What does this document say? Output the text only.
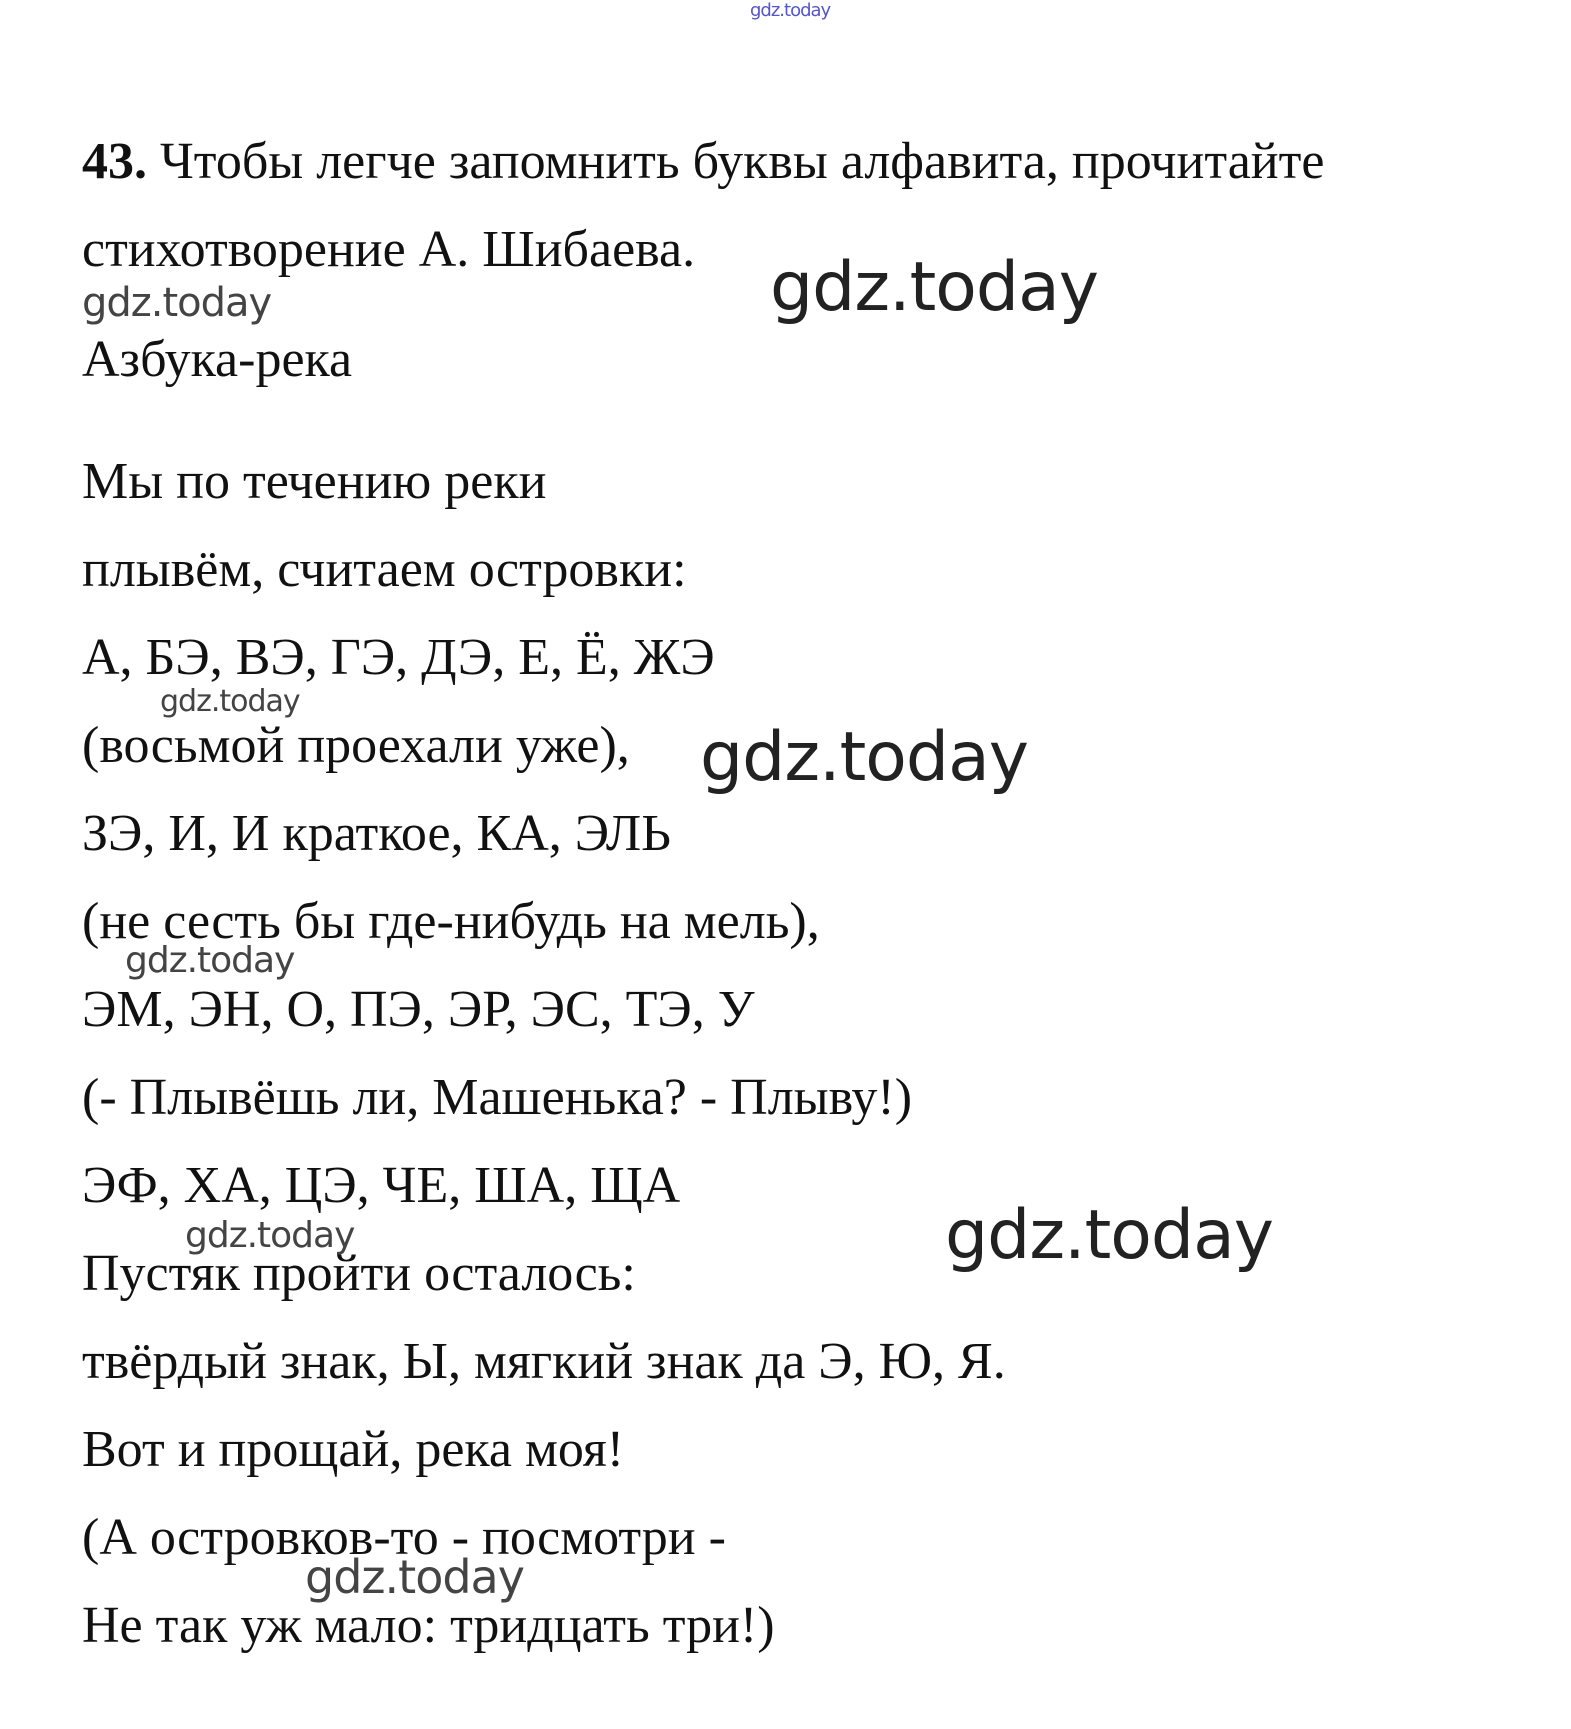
43. Чтобы легче запомнить буквы алфавита, прочитайте стихотворение А. Шибаева.

Азбука-река

Мы по течению реки
плывём, считаем островки:
А, БЭ, ВЭ, ГЭ, ДЭ, Е, Ё, ЖЭ
(восьмой проехали уже),
ЗЭ, И, И краткое, КА, ЭЛЬ
(не сесть бы где-нибудь на мель),
ЭМ, ЭН, О, ПЭ, ЭР, ЭС, ТЭ, У
(- Плывёшь ли, Машенька? - Плыву!)
ЭФ, ХА, ЦЭ, ЧЕ, ША, ЩА
Пустяк пройти осталось:
твёрдый знак, Ы, мягкий знак да Э, Ю, Я.
Вот и прощай, река моя!
(А островков-то - посмотри -
Не так уж мало: тридцать три!)
gdz.today
gdz.today	gdz.today
gdz.today
gdz.today
gdz.today
gdz.today
gdz.today
gdz.today
